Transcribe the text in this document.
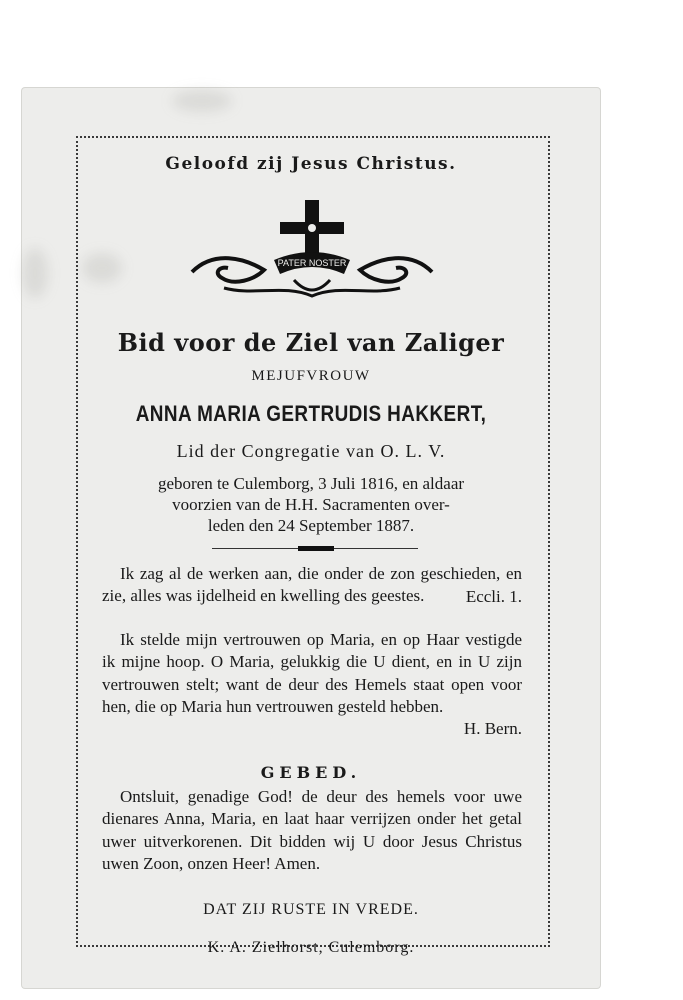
Geloofd zij Jesus Christus.
PATER NOSTER
Bid voor de Ziel van Zaliger
MEJUFVROUW
ANNA MARIA GERTRUDIS HAKKERT,
Lid der Congregatie van O. L. V.
geboren te Culemborg, 3 Juli 1816, en aldaar
voorzien van de H.H. Sacramenten over-
leden den 24 September 1887.

Ik zag al de werken aan, die onder de zon geschieden, en zie, alles was ijdelheid en kwelling des geestes.	Eccli. 1.

Ik stelde mijn vertrouwen op Maria, en op Haar vestigde ik mijne hoop. O Maria, gelukkig die U dient, en in U zijn vertrouwen stelt; want de deur des Hemels staat open voor hen, die op Maria hun vertrouwen gesteld hebben.

H. Bern.
GEBED.

Ontsluit, genadige God! de deur des hemels voor uwe dienares Anna, Maria, en laat haar verrijzen onder het getal uwer uitverkorenen. Dit bidden wij U door Jesus Christus uwen Zoon, onzen Heer! Amen.

DAT ZIJ RUSTE IN VREDE.
K. A. Zielhorst, Culemborg.
